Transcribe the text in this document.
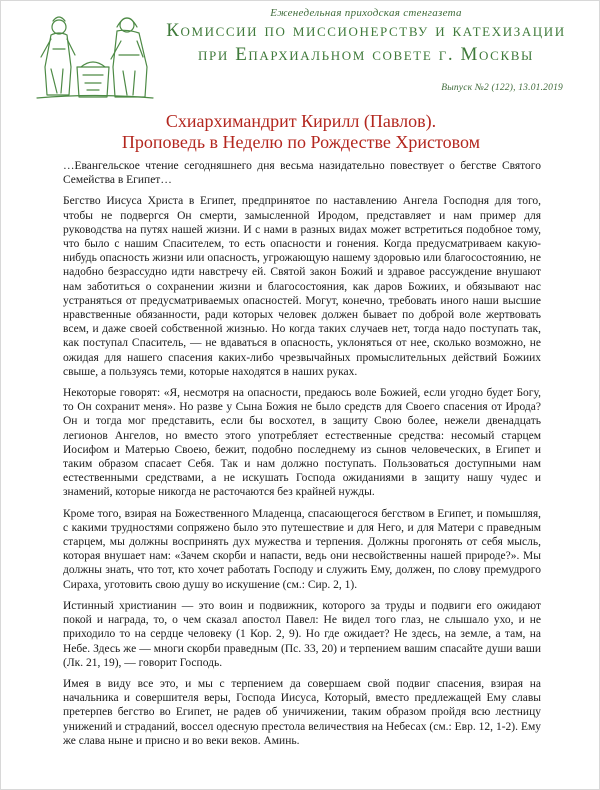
Еженедельная приходская стенгазета
Комиссии по миссионерству и катехизации
при Епархиальном совете г. Москвы
Выпуск №2 (122), 13.01.2019
Схиархимандрит Кирилл (Павлов).
Проповедь в Неделю по Рождестве Христовом

…Евангельское чтение сегодняшнего дня весьма назидательно повествует о бегстве Святого Семейства в Египет…

Бегство Иисуса Христа в Египет, предпринятое по наставлению Ангела Господня для того, чтобы не подвергся Он смерти, замысленной Иродом, представляет и нам пример для руководства на путях нашей жизни. И с нами в разных видах может встретиться подобное тому, что было с нашим Спасителем, то есть опасности и гонения. Когда предусматриваем какую-нибудь опасность жизни или опасность, угрожающую нашему здоровью или благосостоянию, не надобно безрассудно идти навстречу ей. Святой закон Божий и здравое рассуждение внушают нам заботиться о сохранении жизни и благосостояния, как даров Божиих, и обязывают нас устраняться от предусматриваемых опасностей. Могут, конечно, требовать иного наши высшие нравственные обязанности, ради которых человек должен бывает по доброй воле жертвовать всем, и даже своей собственной жизнью. Но когда таких случаев нет, тогда надо поступать так, как поступал Спаситель, — не вдаваться в опасность, уклоняться от нее, сколько возможно, не ожидая для нашего спасения каких-либо чрезвычайных промыслительных действий Божиих свыше, а пользуясь теми, которые находятся в наших руках.

Некоторые говорят: «Я, несмотря на опасности, предаюсь воле Божией, если угодно будет Богу, то Он сохранит меня». Но разве у Сына Божия не было средств для Своего спасения от Ирода? Он и тогда мог представить, если бы восхотел, в защиту Свою более, нежели двенадцать легионов Ангелов, но вместо этого употребляет естественные средства: несомый старцем Иосифом и Матерью Своею, бежит, подобно последнему из сынов человеческих, в Египет и таким образом спасает Себя. Так и нам должно поступать. Пользоваться доступными нам естественными средствами, а не искушать Господа ожиданиями в защиту нашу чудес и знамений, которые никогда не расточаются без крайней нужды.

Кроме того, взирая на Божественного Младенца, спасающегося бегством в Египет, и помышляя, с какими трудностями сопряжено было это путешествие и для Него, и для Матери с праведным старцем, мы должны воспринять дух мужества и терпения. Должны прогонять от себя мысль, которая внушает нам: «Зачем скорби и напасти, ведь они несвойственны нашей природе?». Мы должны знать, что тот, кто хочет работать Господу и служить Ему, должен, по слову премудрого Сираха, уготовить свою душу во искушение (см.: Сир. 2, 1).

Истинный христианин — это воин и подвижник, которого за труды и подвиги его ожидают покой и награда, то, о чем сказал апостол Павел: Не видел того глаз, не слышало ухо, и не приходило то на сердце человеку (1 Кор. 2, 9). Но где ожидает? Не здесь, на земле, а там, на Небе. Здесь же — многи скорби праведным (Пс. 33, 20) и терпением вашим спасайте души ваши (Лк. 21, 19), — говорит Господь.

Имея в виду все это, и мы с терпением да совершаем свой подвиг спасения, взирая на начальника и совершителя веры, Господа Иисуса, Который, вместо предлежащей Ему славы претерпев бегство во Египет, не радев об уничижении, таким образом пройдя всю лестницу унижений и страданий, воссел одесную престола величествия на Небесах (см.: Евр. 12, 1-2). Ему же слава ныне и присно и во веки веков. Аминь.
